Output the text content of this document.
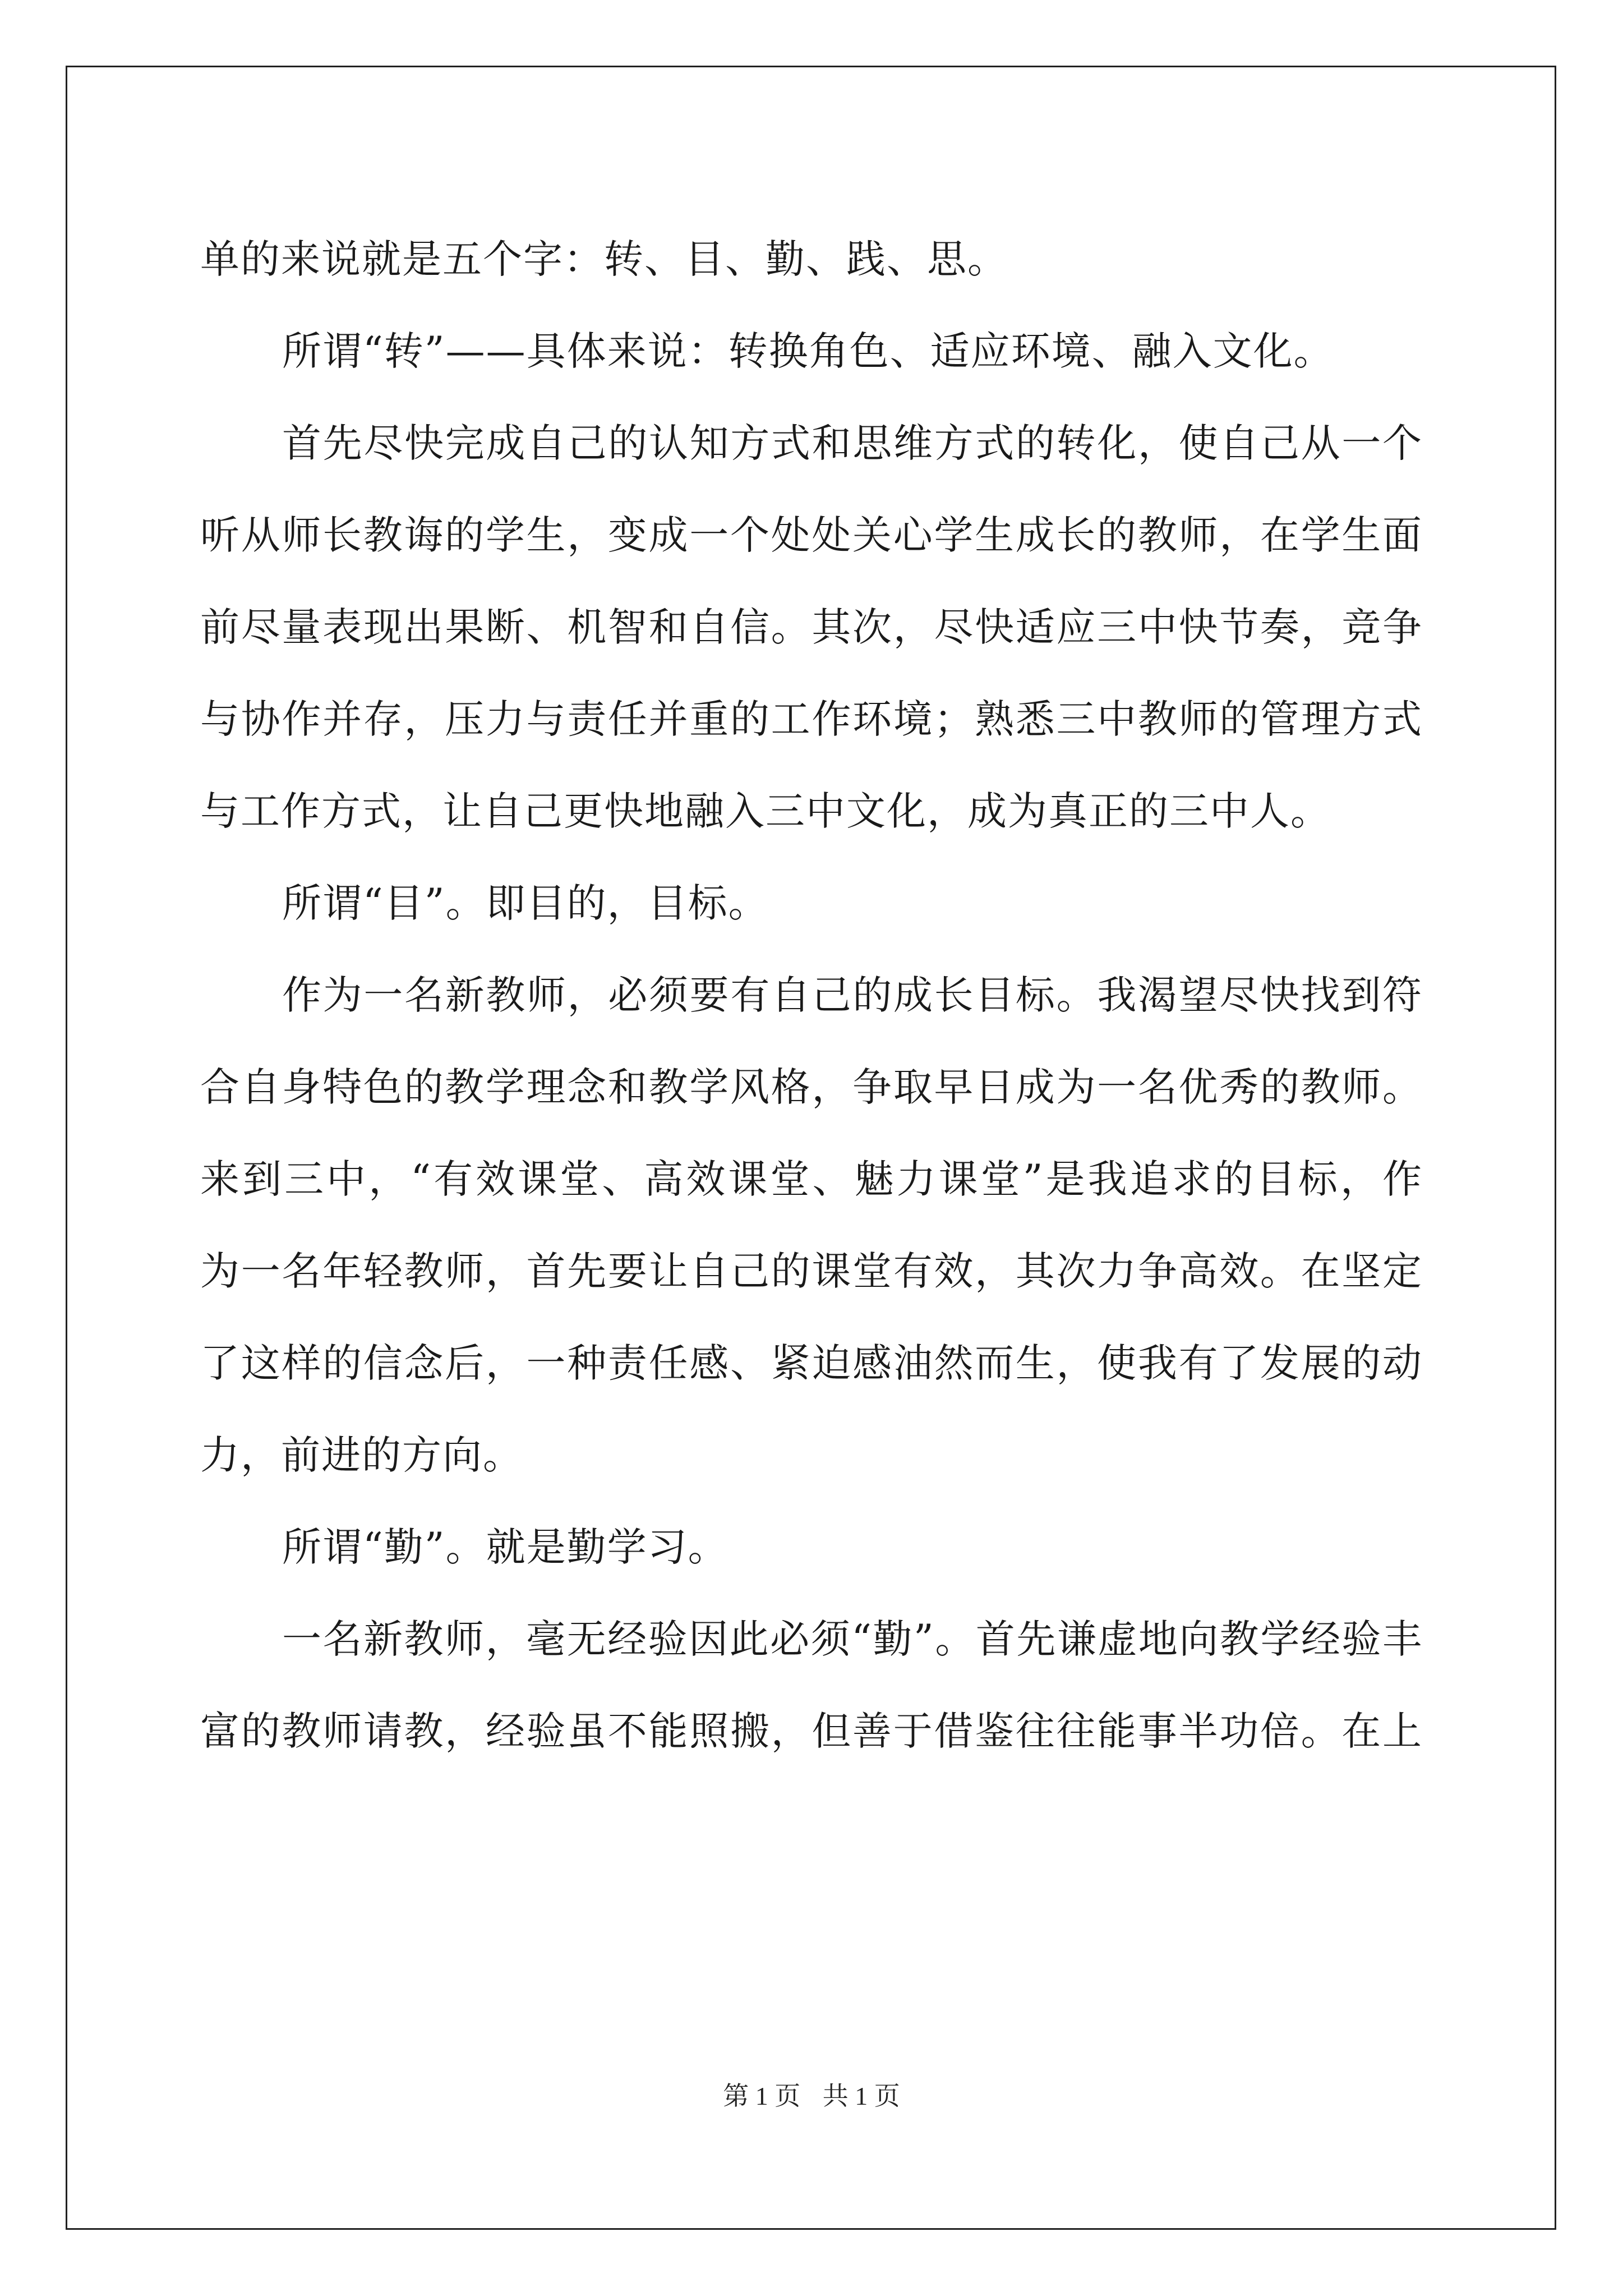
单的来说就是五个字：转、目、勤、践、思。
所谓“转”——具体来说：转换角色、适应环境、融入文化。
首先尽快完成自己的认知方式和思维方式的转化，使自己从一个
听从师长教诲的学生，变成一个处处关心学生成长的教师，在学生面
前尽量表现出果断、机智和自信。其次，尽快适应三中快节奏，竞争
与协作并存，压力与责任并重的工作环境；熟悉三中教师的管理方式
与工作方式，让自己更快地融入三中文化，成为真正的三中人。
所谓“目”。即目的，目标。
作为一名新教师，必须要有自己的成长目标。我渴望尽快找到符
合自身特色的教学理念和教学风格，争取早日成为一名优秀的教师。
来到三中，“有效课堂、高效课堂、魅力课堂”是我追求的目标，作
为一名年轻教师，首先要让自己的课堂有效，其次力争高效。在坚定
了这样的信念后，一种责任感、紧迫感油然而生，使我有了发展的动
力，前进的方向。
所谓“勤”。就是勤学习。
一名新教师，毫无经验因此必须“勤”。首先谦虚地向教学经验丰
富的教师请教，经验虽不能照搬，但善于借鉴往往能事半功倍。在上
第 1 页 共 1 页
